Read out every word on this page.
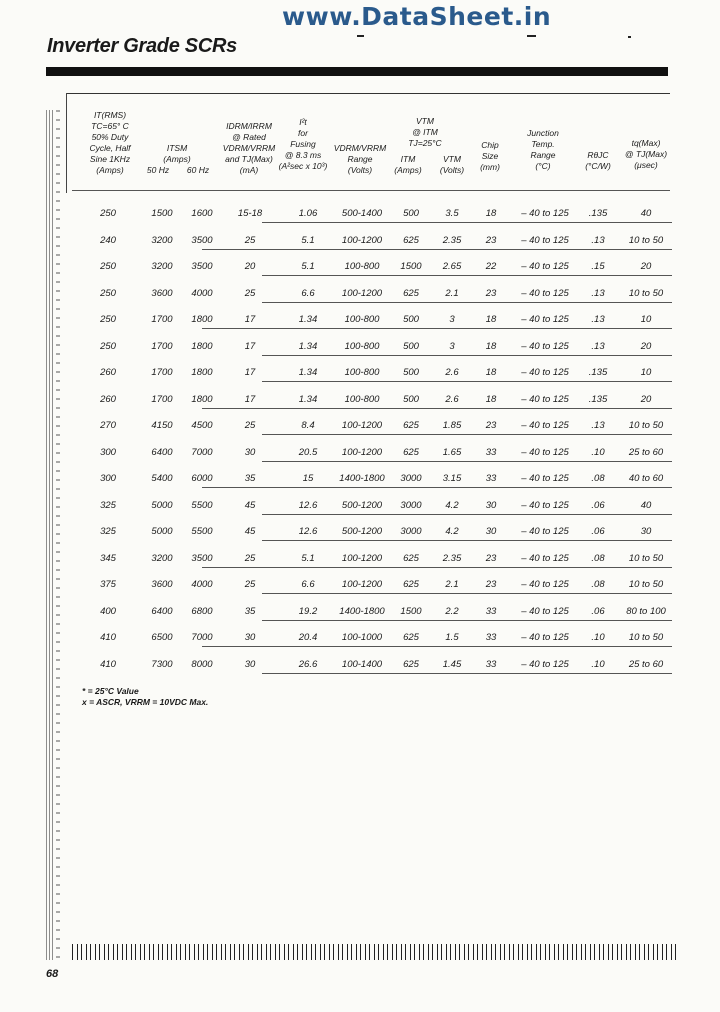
www.DataSheet.in
Inverter Grade SCRs
IT(RMS)
TC=65° C
50% Duty
Cycle, Half
Sine 1KHz
(Amps)
ITSM
(Amps)
50 Hz	60 Hz
IDRM/IRRM
@ Rated
VDRM/VRRM
and TJ(Max)
(mA)
I²t
for
Fusing
@ 8.3 ms
(A²sec x 10³)
VDRM/VRRM
Range
(Volts)
VTM
@ ITM
TJ=25°C
ITM
(Amps)
VTM
(Volts)
Chip
Size
(mm)
Junction
Temp.
Range
(°C)
RθJC
(°C/W)
tq(Max)
@ TJ(Max)
(μsec)
250	1500	1600	15-18	1.06	500-1400	500	3.5	18	– 40 to 125	.135	40
240	3200	3500	25	5.1	100-1200	625	2.35	23	– 40 to 125	.13	10 to 50
250	3200	3500	20	5.1	100-800	1500	2.65	22	– 40 to 125	.15	20
250	3600	4000	25	6.6	100-1200	625	2.1	23	– 40 to 125	.13	10 to 50
250	1700	1800	17	1.34	100-800	500	3	18	– 40 to 125	.13	10
250	1700	1800	17	1.34	100-800	500	3	18	– 40 to 125	.13	20
260	1700	1800	17	1.34	100-800	500	2.6	18	– 40 to 125	.135	10
260	1700	1800	17	1.34	100-800	500	2.6	18	– 40 to 125	.135	20
270	4150	4500	25	8.4	100-1200	625	1.85	23	– 40 to 125	.13	10 to 50
300	6400	7000	30	20.5	100-1200	625	1.65	33	– 40 to 125	.10	25 to 60
300	5400	6000	35	15	1400-1800	3000	3.15	33	– 40 to 125	.08	40 to 60
325	5000	5500	45	12.6	500-1200	3000	4.2	30	– 40 to 125	.06	40
325	5000	5500	45	12.6	500-1200	3000	4.2	30	– 40 to 125	.06	30
345	3200	3500	25	5.1	100-1200	625	2.35	23	– 40 to 125	.08	10 to 50
375	3600	4000	25	6.6	100-1200	625	2.1	23	– 40 to 125	.08	10 to 50
400	6400	6800	35	19.2	1400-1800	1500	2.2	33	– 40 to 125	.06	80 to 100
410	6500	7000	30	20.4	100-1000	625	1.5	33	– 40 to 125	.10	10 to 50
410	7300	8000	30	26.6	100-1400	625	1.45	33	– 40 to 125	.10	25 to 60
* = 25°C Value
x = ASCR, VRRM = 10VDC Max.
68
